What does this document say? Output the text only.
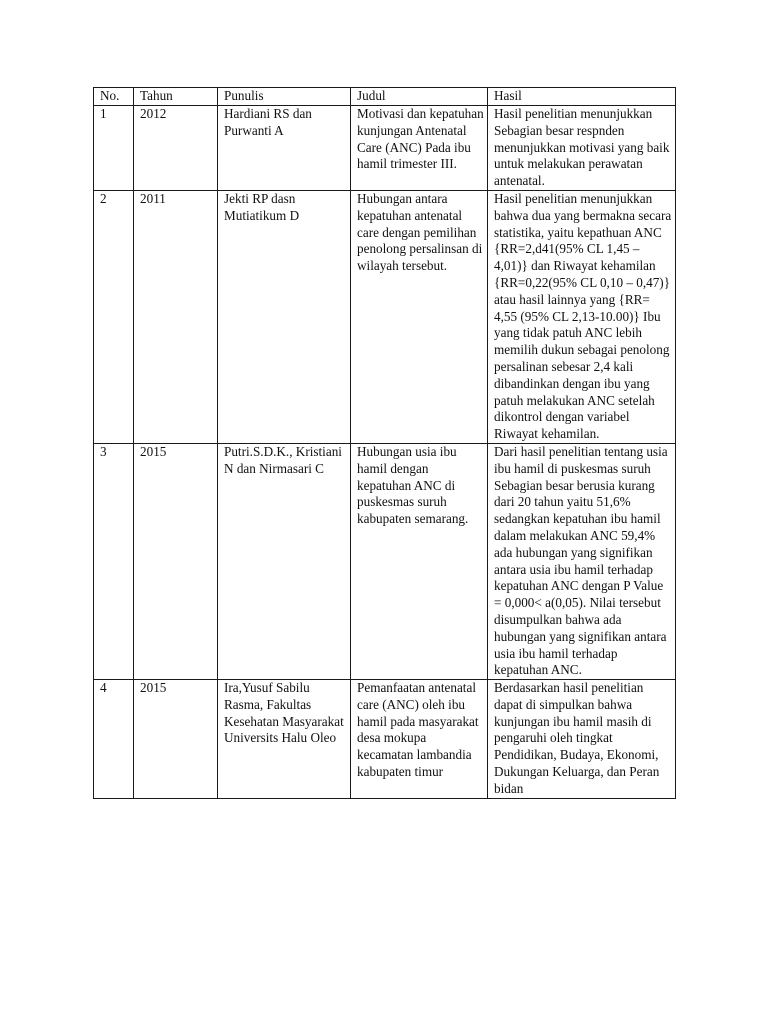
No.	Tahun	Punulis	Judul	Hasil

1	2012	Hardiani RS dan Purwanti A	Motivasi dan kepatuhan kunjungan Antenatal Care (ANC) Pada ibu hamil trimester III.	Hasil penelitian menunjukkan Sebagian besar respnden menunjukkan motivasi yang baik untuk melakukan perawatan antenatal.

2	2011	Jekti RP dasn Mutiatikum D	Hubungan antara kepatuhan antenatal care dengan pemilihan penolong persalinsan di wilayah tersebut.	Hasil penelitian menunjukkan bahwa dua yang bermakna secara statistika, yaitu kepathuan ANC {RR=2,d41(95% CL 1,45 – 4,01)} dan Riwayat kehamilan {RR=0,22(95% CL 0,10 – 0,47)} atau hasil lainnya yang {RR= 4,55 (95% CL 2,13-10.00)} Ibu yang tidak patuh ANC lebih memilih dukun sebagai penolong persalinan sebesar 2,4 kali dibandinkan dengan ibu yang patuh melakukan ANC setelah dikontrol dengan variabel Riwayat kehamilan.

3	2015	Putri.S.D.K., Kristiani N dan Nirmasari C	Hubungan usia ibu hamil dengan kepatuhan ANC di puskesmas suruh kabupaten semarang.	Dari hasil penelitian tentang usia ibu hamil di puskesmas suruh Sebagian besar berusia kurang dari 20 tahun yaitu 51,6% sedangkan kepatuhan ibu hamil dalam melakukan ANC 59,4% ada hubungan yang signifikan antara usia ibu hamil terhadap kepatuhan ANC dengan P Value = 0,000< a(0,05). Nilai tersebut disumpulkan bahwa ada hubungan yang signifikan antara usia ibu hamil terhadap kepatuhan ANC.

4	2015	Ira,Yusuf Sabilu Rasma, Fakultas Kesehatan Masyarakat Universits Halu Oleo	Pemanfaatan antenatal care (ANC) oleh ibu hamil pada masyarakat desa mokupa kecamatan lambandia kabupaten timur	Berdasarkan hasil penelitian dapat di simpulkan bahwa kunjungan ibu hamil masih di pengaruhi oleh tingkat Pendidikan, Budaya, Ekonomi, Dukungan Keluarga, dan Peran bidan
